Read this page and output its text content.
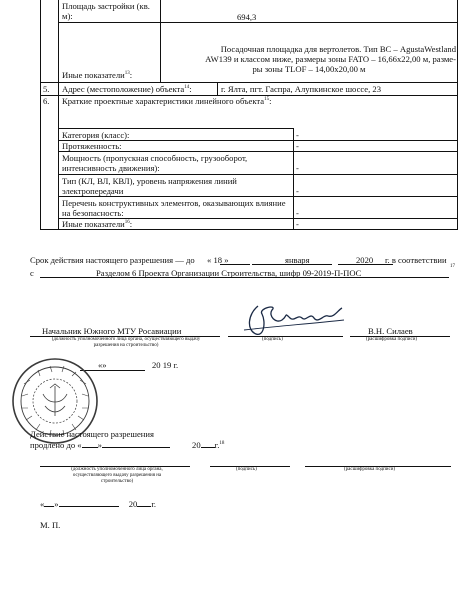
Площадь застройки (кв. м):	694,3
Иные показатели$^{13}$:
Посадочная площадка для вертолетов. Тип ВС – AgustaWestland
AW139 и классом ниже, размеры зоны FATO – 16,66х22,00 м, разме-
ры зоны TLOF – 14,00х20,00 м
5. Адрес (местоположение) объекта$^{14}$:	г. Ялта, пгт. Гаспра, Алупкинское шоссе, 23
6. Краткие проектные характеристики линейного объекта$^{15}$:
Категория (класс):	-
Протяженность:	-
Мощность (пропускная способность, грузооборот, интенсивность движения):	-
Тип (КЛ, ВЛ, КВЛ), уровень напряжения линий электропередачи	-
Перечень конструктивных элементов, оказывающих влияние на безопасность:	-
Иные показатели$^{16}$:	-
Срок действия настоящего разрешения — до « 18 »	января	2020 г. в соответствии
с	Разделом 6 Проекта Организации Строительства, шифр 09-2019-П-ПОС
17
Начальник Южного МТУ Росавиации
(должность уполномоченного лица органа, осуществляющего выдачу разрешения на строительство)
(подпись)
В.Н. Силаев
(расшифровка подписи)
«»	20 19 г.
Действие настоящего разрешения
продлено до « »	20 г.$^{18}$
(должность уполномоченного лица органа, осуществляющего выдачу разрешения на строительство)
(подпись)	(расшифровка подписи)
« »	20 г.
М. П.
